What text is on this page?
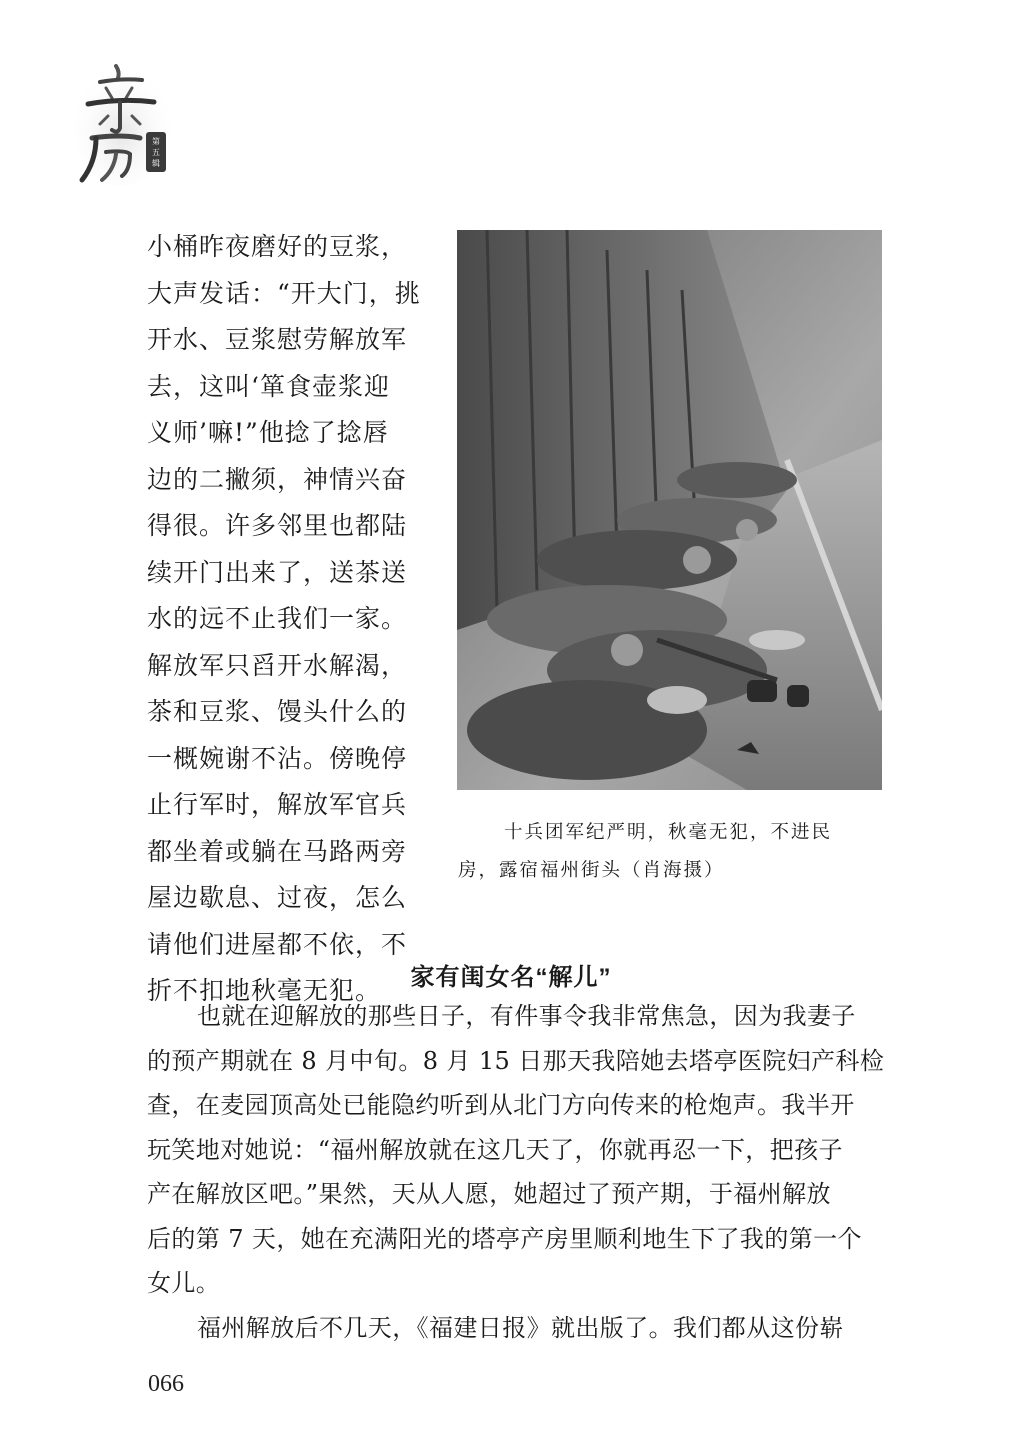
第
五
辑
小桶昨夜磨好的豆浆，
大声发话：“开大门，挑
开水、豆浆慰劳解放军
去，这叫‘箪食壶浆迎
义师’嘛!”他捻了捻唇
边的二撇须，神情兴奋
得很。许多邻里也都陆
续开门出来了，送茶送
水的远不止我们一家。
解放军只舀开水解渴，
茶和豆浆、馒头什么的
一概婉谢不沾。傍晚停
止行军时，解放军官兵
都坐着或躺在马路两旁
屋边歇息、过夜，怎么
请他们进屋都不依，不
折不扣地秋毫无犯。
十兵团军纪严明，秋毫无犯，不进民
房，露宿福州街头（肖海摄）
家有闺女名“解儿”
也就在迎解放的那些日子，有件事令我非常焦急，因为我妻子
的预产期就在 8 月中旬。8 月 15 日那天我陪她去塔亭医院妇产科检
查，在麦园顶高处已能隐约听到从北门方向传来的枪炮声。我半开
玩笑地对她说：“福州解放就在这几天了，你就再忍一下，把孩子
产在解放区吧。”果然，天从人愿，她超过了预产期，于福州解放
后的第 7 天，她在充满阳光的塔亭产房里顺利地生下了我的第一个
女儿。
福州解放后不几天，《福建日报》就出版了。我们都从这份崭
066
